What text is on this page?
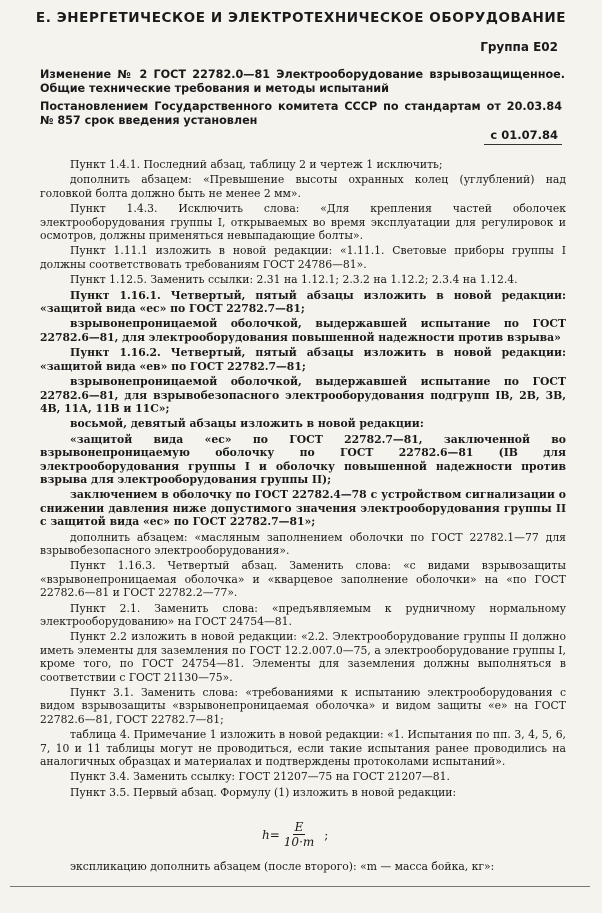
Е. ЭНЕРГЕТИЧЕСКОЕ И ЭЛЕКТРОТЕХНИЧЕСКОЕ ОБОРУДОВАНИЕ
Группа Е02
Изменение № 2 ГОСТ 22782.0—81 Электрооборудование взрывозащищенное. Общие технические требования и методы испытаний
Постановлением Государственного комитета СССР по стандартам от 20.03.84 № 857 срок введения установлен
с 01.07.84

Пункт 1.4.1. Последний абзац, таблицу 2 и чертеж 1 исключить;

дополнить абзацем: «Превышение высоты охранных колец (углублений) над головкой болта должно быть не менее 2 мм».

Пункт 1.4.3. Исключить слова: «Для крепления частей оболочек электрооборудования группы I, открываемых во время эксплуатации для регулировок и осмотров, должны применяться невыпадающие болты».

Пункт 1.11.1 изложить в новой редакции: «1.11.1. Световые приборы группы I должны соответствовать требованиям ГОСТ 24786—81».

Пункт 1.12.5. Заменить ссылки: 2.31 на 1.12.1; 2.3.2 на 1.12.2; 2.3.4 на 1.12.4.

Пункт 1.16.1. Четвертый, пятый абзацы изложить в новой редакции: «защитой вида «ес» по ГОСТ 22782.7—81;

взрывонепроницаемой оболочкой, выдержавшей испытание по ГОСТ 22782.6—81, для электрооборудования повышенной надежности против взрыва»

Пункт 1.16.2. Четвертый, пятый абзацы изложить в новой редакции: «защитой вида «ев» по ГОСТ 22782.7—81;

взрывонепроницаемой оболочкой, выдержавшей испытание по ГОСТ 22782.6—81, для взрывобезопасного электрооборудования подгрупп IВ, 2В, 3В, 4В, 11А, 11В и 11С»;

восьмой, девятый абзацы изложить в новой редакции:

«защитой вида «ес» по ГОСТ 22782.7—81, заключенной во взрывонепроницаемую оболочку по ГОСТ 22782.6—81 (IВ для электрооборудования группы I и оболочку повышенной надежности против взрыва для электрооборудования группы II);

заключением в оболочку по ГОСТ 22782.4—78 с устройством сигнализации о снижении давления ниже допустимого значения электрооборудования группы II с защитой вида «ес» по ГОСТ 22782.7—81»;

дополнить абзацем: «масляным заполнением оболочки по ГОСТ 22782.1—77 для взрывобезопасного электрооборудования».

Пункт 1.16.3. Четвертый абзац. Заменить слова: «с видами взрывозащиты «взрывонепроницаемая оболочка» и «кварцевое заполнение оболочки» на «по ГОСТ 22782.6—81 и ГОСТ 22782.2—77».

Пункт 2.1. Заменить слова: «предъявляемым к рудничному нормальному электрооборудованию» на ГОСТ 24754—81.

Пункт 2.2 изложить в новой редакции: «2.2. Электрооборудование группы II должно иметь элементы для заземления по ГОСТ 12.2.007.0—75, а электрооборудование группы I, кроме того, по ГОСТ 24754—81. Элементы для заземления должны выполняться в соответствии с ГОСТ 21130—75».

Пункт 3.1. Заменить слова: «требованиями к испытанию электрооборудования с видом взрывозащиты «взрывонепроницаемая оболочка» и видом защиты «е» на ГОСТ 22782.6—81, ГОСТ 22782.7—81;

таблица 4. Примечание 1 изложить в новой редакции: «1. Испытания по пп. 3, 4, 5, 6, 7, 10 и 11 таблицы могут не проводиться, если такие испытания ранее проводились на аналогичных образцах и материалах и подтверждены протоколами испытаний».

Пункт 3.4. Заменить ссылку: ГОСТ 21207—75 на ГОСТ 21207—81.

Пункт 3.5. Первый абзац. Формулу (1) изложить в новой редакции:

$h= \frac{E}{10\cdot m}$ ;
экспликацию дополнить абзацем (после второго): «m — масса бойка, кг»:
